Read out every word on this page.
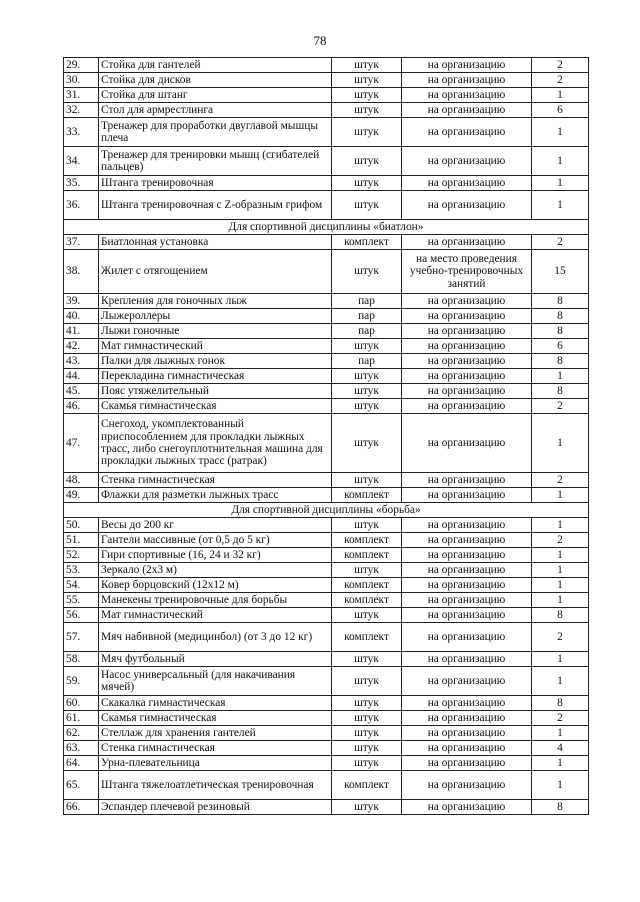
78
29.	Стойка для гантелей	штук	на организацию	2
30.	Стойка для дисков	штук	на организацию	2
31.	Стойка для штанг	штук	на организацию	1
32.	Стол для армрестлинга	штук	на организацию	6
33.	Тренажер для проработки двуглавой мышцы плеча	штук	на организацию	1
34.	Тренажер для тренировки мышц (сгибателей пальцев)	штук	на организацию	1
35.	Штанга тренировочная	штук	на организацию	1
36.	Штанга тренировочная с Z-образным грифом	штук	на организацию	1
Для спортивной дисциплины «биатлон»				
37.	Биатлонная установка	комплект	на организацию	2
38.	Жилет с отягощением	штук	на место проведения учебно-тренировочных занятий	15
39.	Крепления для гоночных лыж	пар	на организацию	8
40.	Лыжероллеры	пар	на организацию	8
41.	Лыжи гоночные	пар	на организацию	8
42.	Мат гимнастический	штук	на организацию	6
43.	Палки для лыжных гонок	пар	на организацию	8
44.	Перекладина гимнастическая	штук	на организацию	1
45.	Пояс утяжелительный	штук	на организацию	8
46.	Скамья гимнастическая	штук	на организацию	2
47.	Снегоход, укомплектованный приспособлением для прокладки лыжных трасс, либо снегоуплотнительная машина для прокладки лыжных трасс (ратрак)	штук	на организацию	1
48.	Стенка гимнастическая	штук	на организацию	2
49.	Флажки для разметки лыжных трасс	комплект	на организацию	1
Для спортивной дисциплины «борьба»				
50.	Весы до 200 кг	штук	на организацию	1
51.	Гантели массивные (от 0,5 до 5 кг)	комплект	на организацию	2
52.	Гири спортивные (16, 24 и 32 кг)	комплект	на организацию	1
53.	Зеркало (2х3 м)	штук	на организацию	1
54.	Ковер борцовский (12х12 м)	комплект	на организацию	1
55.	Манекены тренировочные для борьбы	комплект	на организацию	1
56.	Мат гимнастический	штук	на организацию	8
57.	Мяч набивной (медицинбол) (от 3 до 12 кг)	комплект	на организацию	2
58.	Мяч футбольный	штук	на организацию	1
59.	Насос универсальный (для накачивания мячей)	штук	на организацию	1
60.	Скакалка гимнастическая	штук	на организацию	8
61.	Скамья гимнастическая	штук	на организацию	2
62.	Стеллаж для хранения гантелей	штук	на организацию	1
63.	Стенка гимнастическая	штук	на организацию	4
64.	Урна-плевательница	штук	на организацию	1
65.	Штанга тяжелоатлетическая тренировочная	комплект	на организацию	1
66.	Эспандер плечевой резиновый	штук	на организацию	8
